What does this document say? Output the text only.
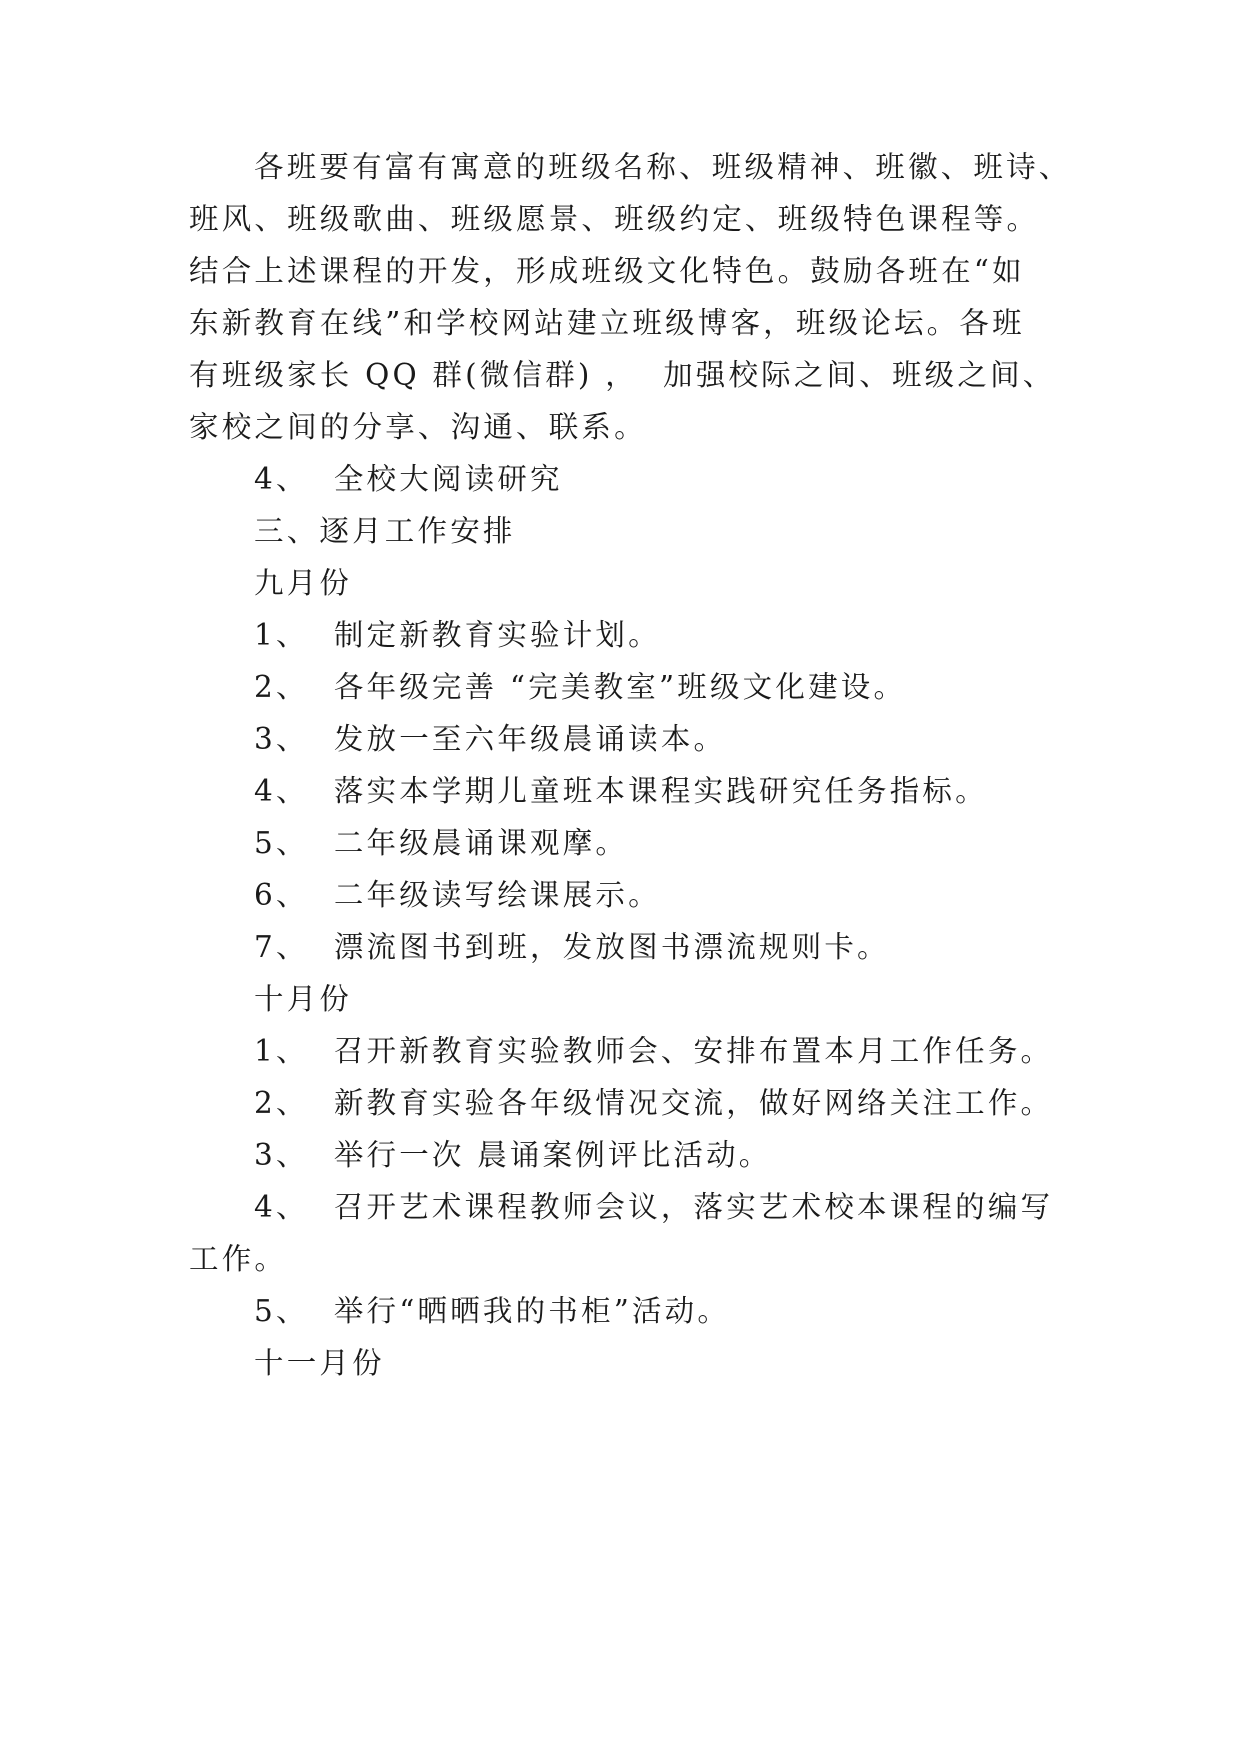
各班要有富有寓意的班级名称、班级精神、班徽、班诗、
班风、班级歌曲、班级愿景、班级约定、班级特色课程等。
结合上述课程的开发，形成班级文化特色。鼓励各班在“如
东新教育在线”和学校网站建立班级博客，班级论坛。各班
有班级家长 QQ 群(微信群) ，  加强校际之间、班级之间、
家校之间的分享、沟通、联系。
4、  全校大阅读研究
三、逐月工作安排
九月份
1、  制定新教育实验计划。
2、  各年级完善 “完美教室”班级文化建设。
3、  发放一至六年级晨诵读本。
4、  落实本学期儿童班本课程实践研究任务指标。
5、  二年级晨诵课观摩。
6、  二年级读写绘课展示。
7、  漂流图书到班，发放图书漂流规则卡。
十月份
1、  召开新教育实验教师会、安排布置本月工作任务。
2、  新教育实验各年级情况交流，做好网络关注工作。
3、  举行一次 晨诵案例评比活动。
4、  召开艺术课程教师会议，落实艺术校本课程的编写
工作。
5、  举行“晒晒我的书柜”活动。
十一月份
